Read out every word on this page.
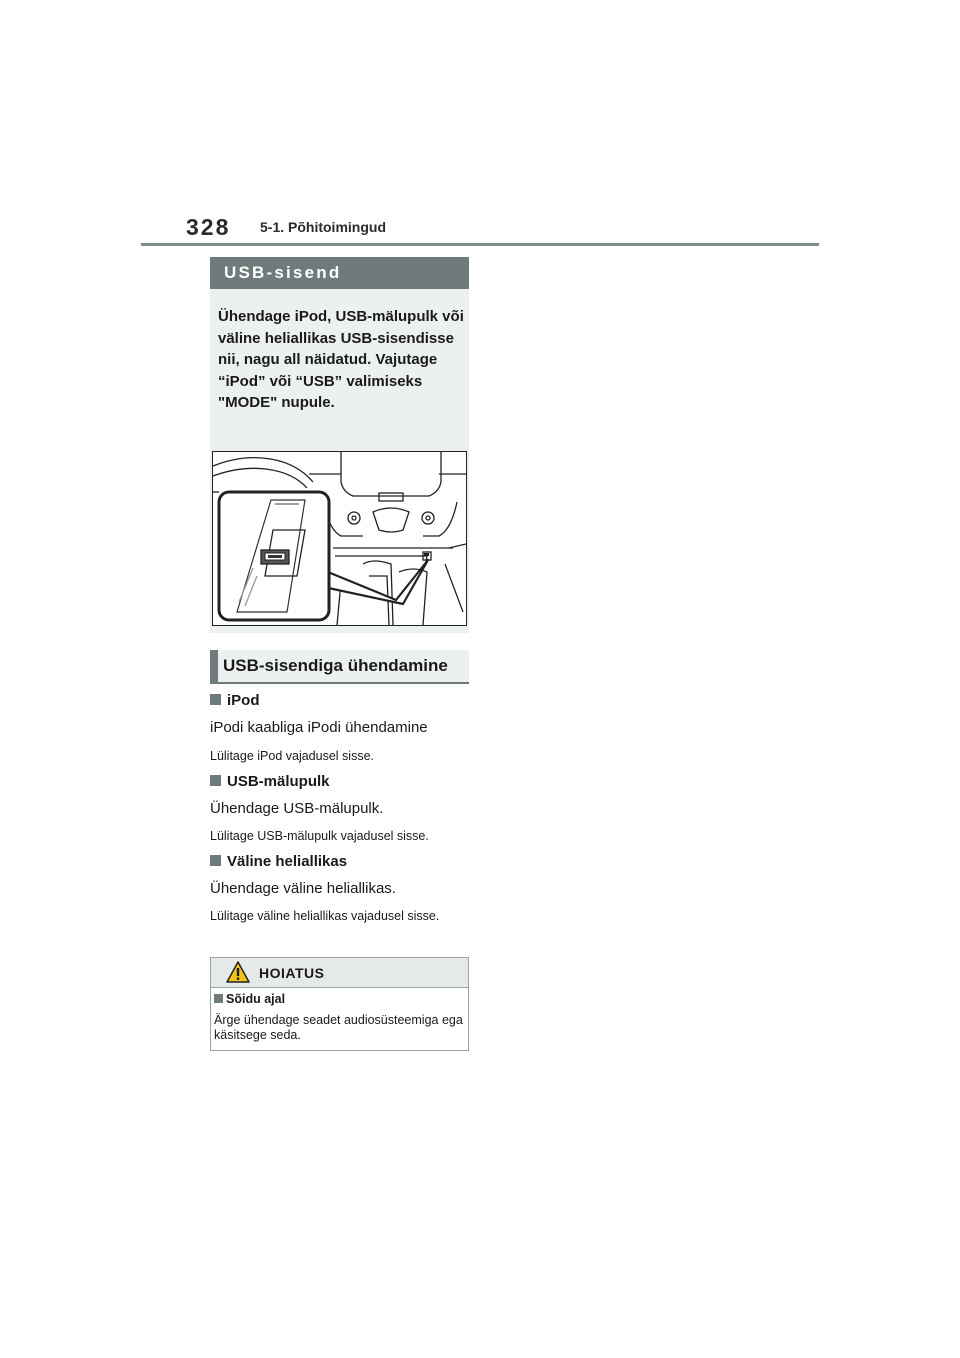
328 5-1. Põhitoimingud
USB-sisend
Ühendage iPod, USB-mälupulk või väline heliallikas USB-sisendisse nii, nagu all näidatud. Vajutage “iPod” või “USB” valimiseks "MODE" nupule.
USB-sisendiga ühendamine
iPod
iPodi kaabliga iPodi ühendamine
Lülitage iPod vajadusel sisse.
USB-mälupulk
Ühendage USB-mälupulk.
Lülitage USB-mälupulk vajadusel sisse.
Väline heliallikas
Ühendage väline heliallikas.
Lülitage väline heliallikas vajadusel sisse.
HOIATUS
Sõidu ajal
Ärge ühendage seadet audiosüsteemiga ega käsitsege seda.
